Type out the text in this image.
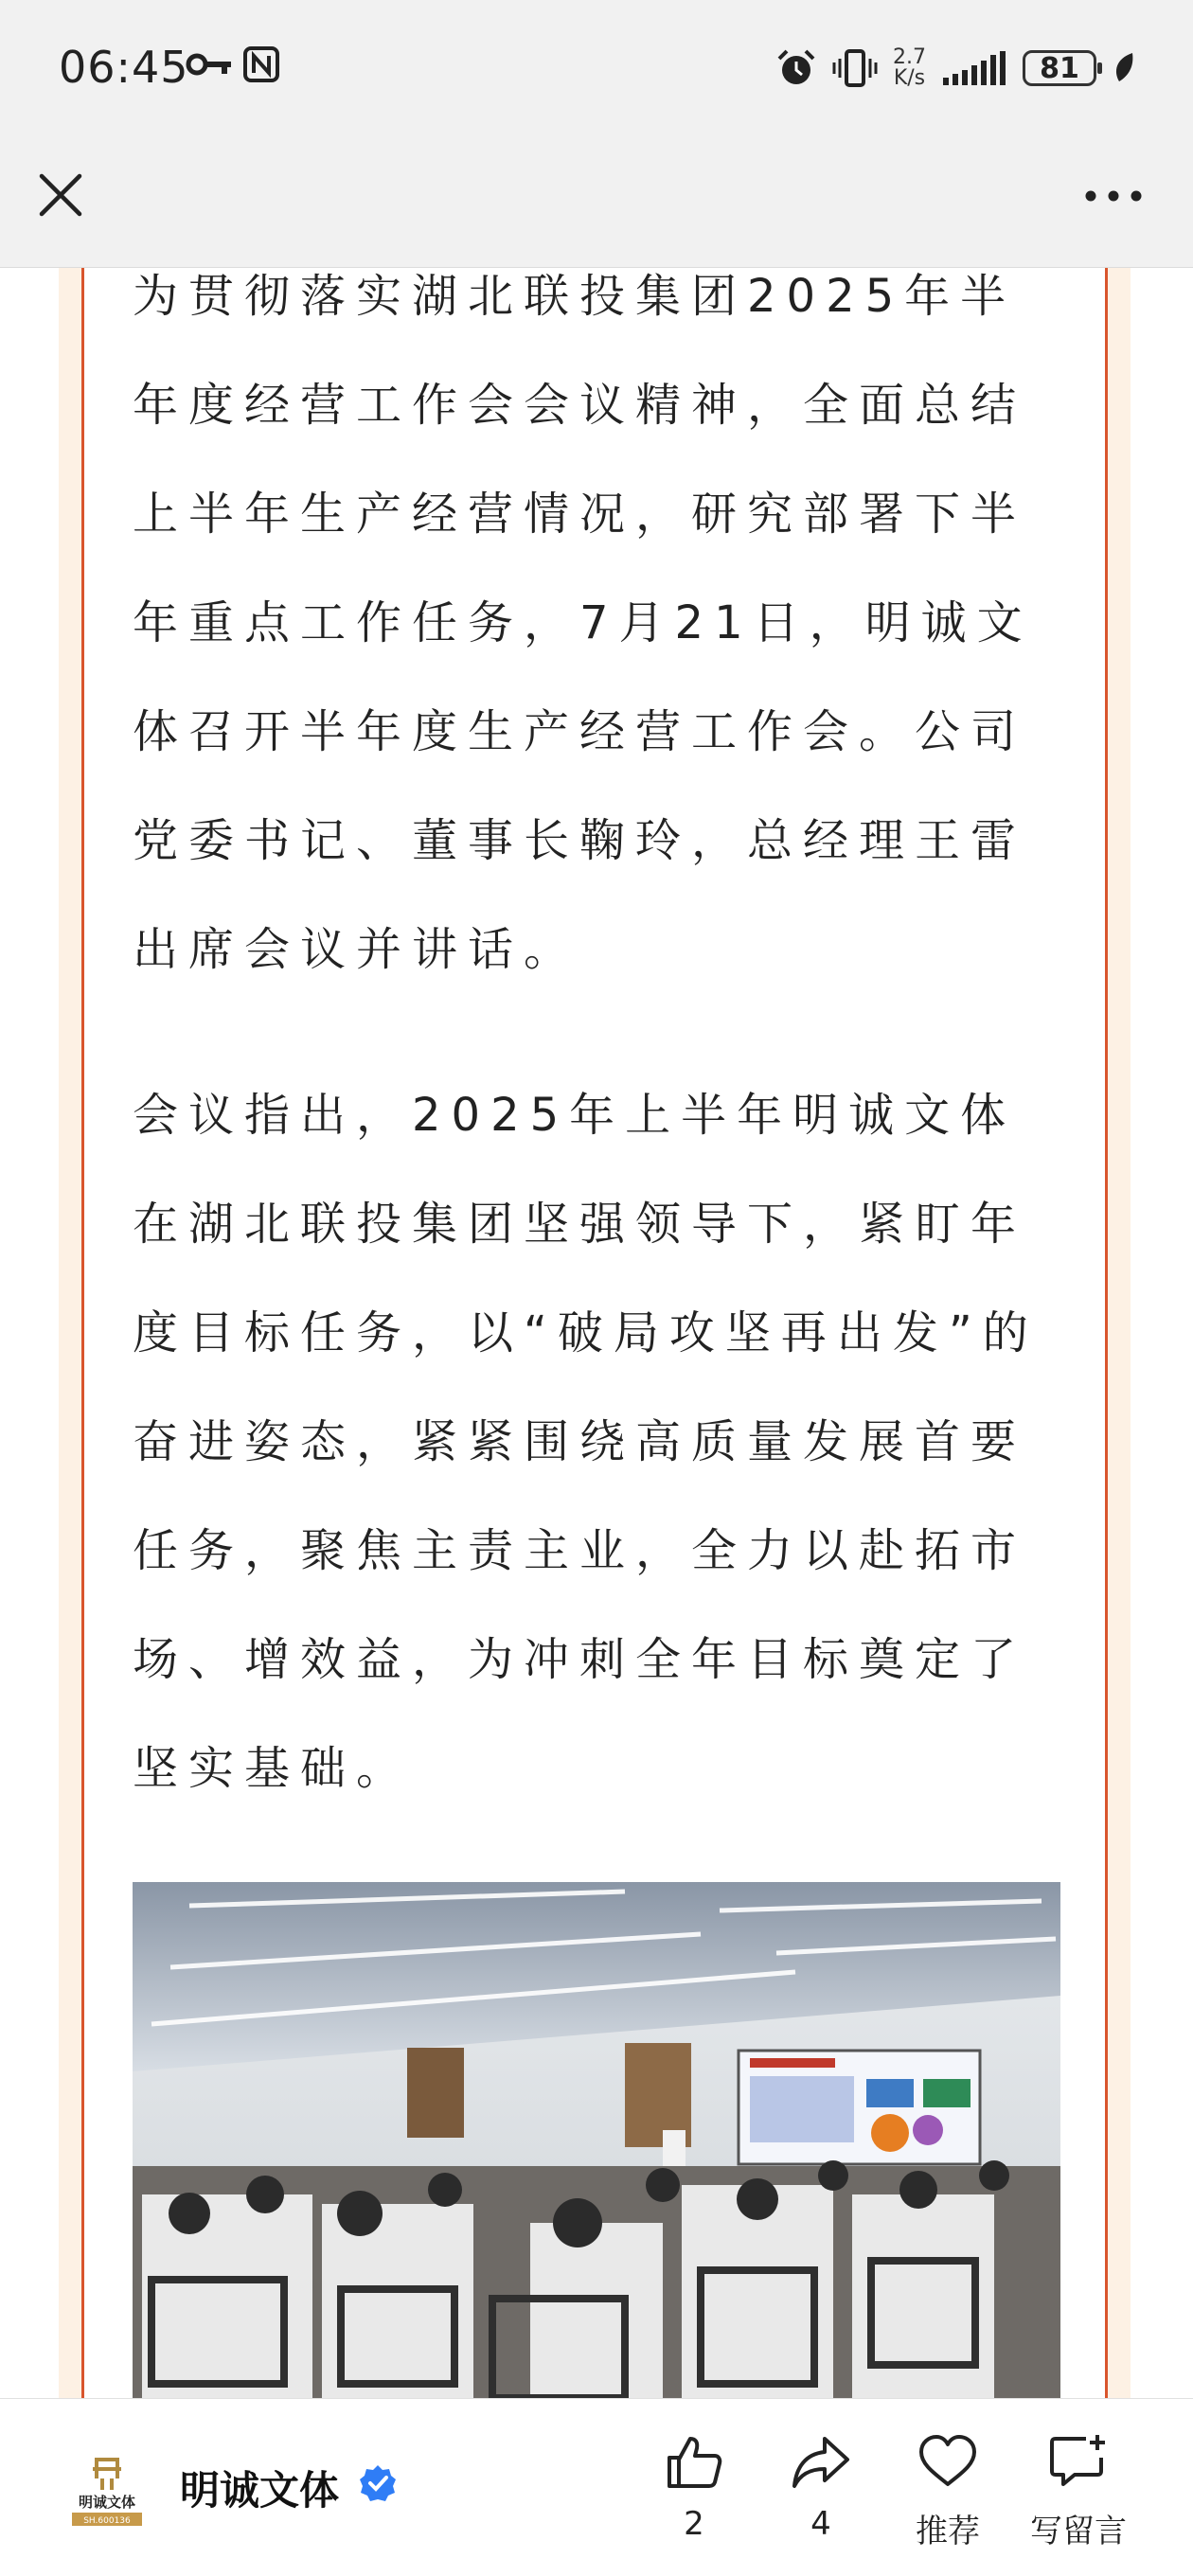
06:45	2.7
K/s	81

为贯彻落实湖北联投集团2025年半年度经营工作会会议精神，全面总结上半年生产经营情况，研究部署下半年重点工作任务，7月21日，明诚文体召开半年度生产经营工作会。公司党委书记、董事长鞠玲，总经理王雷出席会议并讲话。

会议指出，2025年上半年明诚文体在湖北联投集团坚强领导下，紧盯年度目标任务，以“破局攻坚再出发”的奋进姿态，紧紧围绕高质量发展首要任务，聚焦主责主业，全力以赴拓市场、增效益，为冲刺全年目标奠定了坚实基础。

明诚文体
SH.600136
明诚文体
2	4	推荐	写留言
